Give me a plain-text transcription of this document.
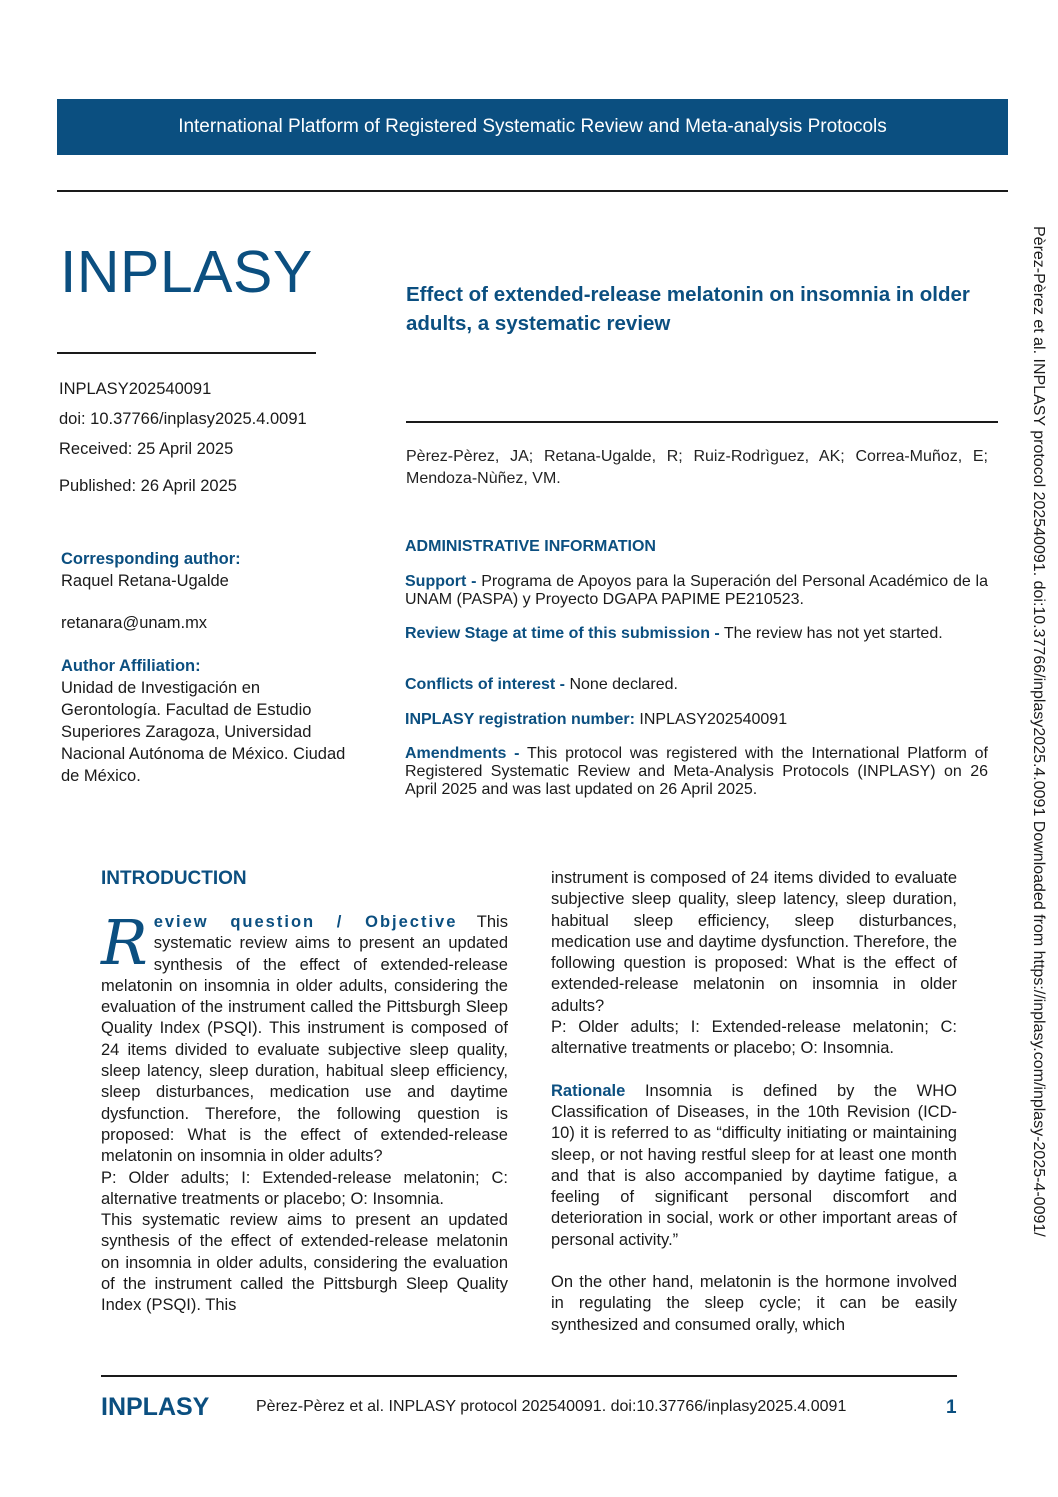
International Platform of Registered Systematic Review and Meta-analysis Protocols
INPLASY	Effect of extended-release melatonin on insomnia in older adults, a systematic review
INPLASY202540091
doi: 10.37766/inplasy2025.4.0091
Received: 25 April 2025
Published: 26 April 2025
Pèrez-Pèrez, JA; Retana-Ugalde, R; Ruiz-Rodrìguez, AK; Correa-Muñoz, E; Mendoza-Nùñez, VM.
Corresponding author:
Raquel Retana-Ugalde
retanara@unam.mx
Author Affiliation:
Unidad de Investigación en Gerontología. Facultad de Estudio Superiores Zaragoza, Universidad Nacional Autónoma de México. Ciudad de México.
ADMINISTRATIVE INFORMATION
Support - Programa de Apoyos para la Superación del Personal Académico de la UNAM (PASPA) y Proyecto DGAPA PAPIME PE210523.
Review Stage at time of this submission - The review has not yet started.
Conflicts of interest - None declared.
INPLASY registration number: INPLASY202540091
Amendments - This protocol was registered with the International Platform of Registered Systematic Review and Meta-Analysis Protocols (INPLASY) on 26 April 2025 and was last updated on 26 April 2025.
INTRODUCTION

Review question / Objective This systematic review aims to present an updated synthesis of the effect of extended-release melatonin on insomnia in older adults, considering the evaluation of the instrument called the Pittsburgh Sleep Quality Index (PSQI). This instrument is composed of 24 items divided to evaluate subjective sleep quality, sleep latency, sleep duration, habitual sleep efficiency, sleep disturbances, medication use and daytime dysfunction. Therefore, the following question is proposed: What is the effect of extended-release melatonin on insomnia in older adults?

P: Older adults; I: Extended-release melatonin; C: alternative treatments or placebo; O: Insomnia.

This systematic review aims to present an updated synthesis of the effect of extended-release melatonin on insomnia in older adults, considering the evaluation of the instrument called the Pittsburgh Sleep Quality Index (PSQI). This

instrument is composed of 24 items divided to evaluate subjective sleep quality, sleep latency, sleep duration, habitual sleep efficiency, sleep disturbances, medication use and daytime dysfunction. Therefore, the following question is proposed: What is the effect of extended-release melatonin on insomnia in older adults?

P: Older adults; I: Extended-release melatonin; C: alternative treatments or placebo; O: Insomnia.

Rationale Insomnia is defined by the WHO Classification of Diseases, in the 10th Revision (ICD-10) it is referred to as “difficulty initiating or maintaining sleep, or not having restful sleep for at least one month and that is also accompanied by daytime fatigue, a feeling of significant personal discomfort and deterioration in social, work or other important areas of personal activity.”

On the other hand, melatonin is the hormone involved in regulating the sleep cycle; it can be easily synthesized and consumed orally, which

Pèrez-Pèrez et al. INPLASY protocol 202540091. doi:10.37766/inplasy2025.4.0091 Downloaded from https://inplasy.com/inplasy-2025-4-0091/
INPLASY	Pèrez-Pèrez et al. INPLASY protocol 202540091. doi:10.37766/inplasy2025.4.0091	1
